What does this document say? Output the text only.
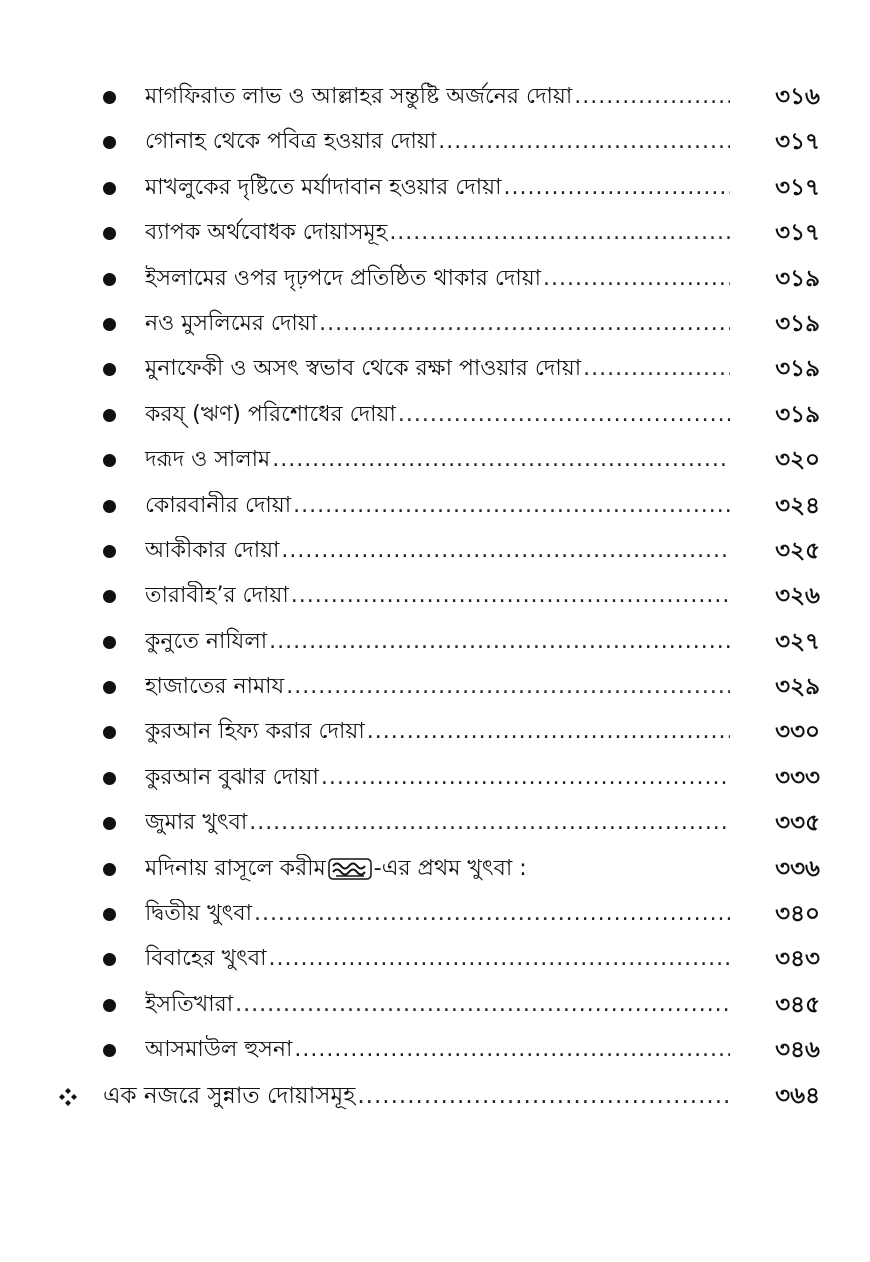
মাগফিরাত লাভ ও আল্লাহর সন্তুষ্টি অর্জনের দোয়া .....	৩১৬
গোনাহ থেকে পবিত্র হওয়ার দোয়া .....	৩১৭
মাখলুকের দৃষ্টিতে মর্যাদাবান হওয়ার দোয়া .....	৩১৭
ব্যাপক অর্থবোধক দোয়াসমূহ .....	৩১৭
ইসলামের ওপর দৃঢ়পদে প্রতিষ্ঠিত থাকার দোয়া .....	৩১৯
নও মুসলিমের দোয়া .....	৩১৯
মুনাফেকী ও অসৎ স্বভাব থেকে রক্ষা পাওয়ার দোয়া .....	৩১৯
করয্ (ঋণ) পরিশোধের দোয়া .....	৩১৯
দরূদ ও সালাম .....	৩২০
কোরবানীর দোয়া .....	৩২৪
আকীকার দোয়া .....	৩২৫
তারাবীহ’র দোয়া .....	৩২৬
কুনুতে নাযিলা .....	৩২৭
হাজাতের নামায .....	৩২৯
কুরআন হিফ্য করার দোয়া .....	৩৩০
কুরআন বুঝার দোয়া .....	৩৩৩
জুমার খুৎবা .....	৩৩৫
মদিনায় রাসূলে করীম -এর প্রথম খুৎবা :	৩৩৬
দ্বিতীয় খুৎবা .....	৩৪০
বিবাহের খুৎবা .....	৩৪৩
ইসতিখারা .....	৩৪৫
আসমাউল হুসনা .....	৩৪৬
এক নজরে সুন্নাত দোয়াসমূহ .....	৩৬৪
